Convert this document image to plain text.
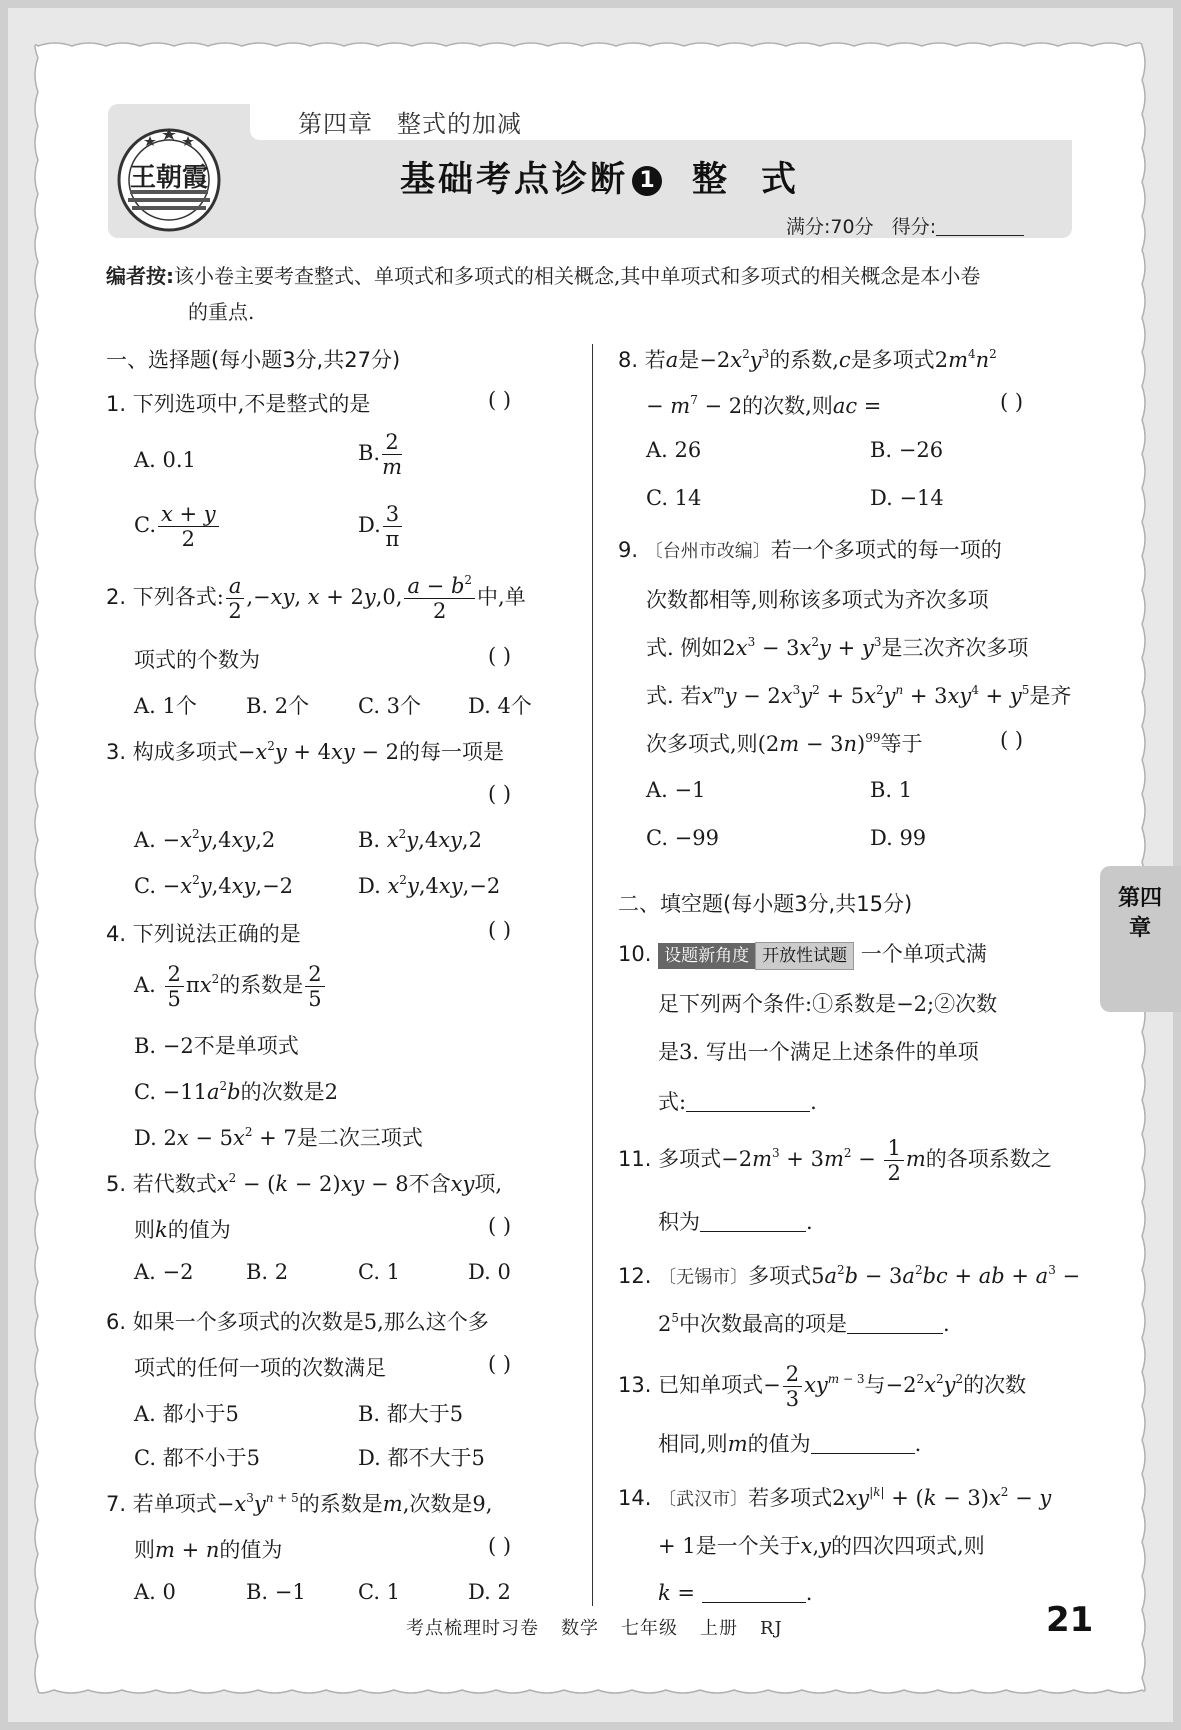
王朝霞
第四章 整式的加减
基础考点诊断 1 整式
满分:70分 得分:
编者按:该小卷主要考查整式、单项式和多项式的相关概念,其中单项式和多项式的相关概念是本小卷
的重点.
一、选择题(每小题3分,共27分)
1. 下列选项中,不是整式的是	( )
A. 0.1	B. $\frac{2}{m}$
C. $\frac{x + y}{2}$	D. $\frac{3}{\pi}$
2. 下列各式: $\frac{a}{2} ,-xy$, x + 2y,0, $\frac{a - b^2}{2}$ 中,单
项式的个数为	( )
A. 1个 B. 2个 C. 3个 D. 4个
3. 构成多项式$-x^2y + 4xy - 2$的每一项是
( )
A. $-x^2y,4xy,2$	B. $x^2y,4xy,2$
C. $-x^2y,4xy,-2$	D. $x^2y,4xy,-2$
4. 下列说法正确的是	( )
A. $\frac{2}{5} \pi x^2$的系数是 $\frac{2}{5}$
B. −2不是单项式
C. $-11a^2b$的次数是2
D. $2x - 5x^2 + 7$是二次三项式
5. 若代数式$x^2 - (k - 2)xy - 8$不含xy项,
则k的值为	( )
A. −2	B. 2	C. 1	D. 0
6. 如果一个多项式的次数是5,那么这个多
项式的任何一项的次数满足	( )
A. 都小于5	B. 都大于5
C. 都不小于5	D. 都不大于5
7. 若单项式$-x^3y^{n + 5}$的系数是m,次数是9,
则m + n的值为	( )
A. 0	B. −1 C. 1	D. 2
8. 若a是$-2x^2y^3$的系数,c是多项式$2m^4n^2$
− $m^7 - 2$的次数,则ac =	( )
A. 26	B. −26
C. 14	D. −14
9. 〔台州市改编〕若一个多项式的每一项的
次数都相等,则称该多项式为齐次多项
式. 例如$2x^3 - 3x^2y + y^3$是三次齐次多项
式. 若$x^my - 2x^3y^2 + 5x^2y^n + 3xy^4 + y^5$是齐
次多项式,则$(2m - 3n)^{99}$等于	( )
A. −1	B. 1
C. −99	D. 99
二、填空题(每小题3分,共15分)
10. 设题新角度 开放性试题 一个单项式满
足下列两个条件:①系数是−2;②次数
是3. 写出一个满足上述条件的单项
式:	.
11. 多项式$-2m^3 + 3m^2 - \frac{1}{2}$ m的各项系数之
积为	.
12. 〔无锡市〕多项式$5a^2b - 3a^2bc$ + ab + $a^3$ −
$2^5$中次数最高的项是	.
13. 已知单项式− $\frac{2}{3} xy^{m - 3}$与$-2^2x^2y^2$的次数
相同,则m的值为	.
14. 〔武汉市〕若多项式$2xy^{|k|} + (k - 3)x^2 - y$
+ 1是一个关于x,y的四次四项式,则
k =	.
第四章
考点梳理时习卷 数学 七年级 上册 RJ	21
